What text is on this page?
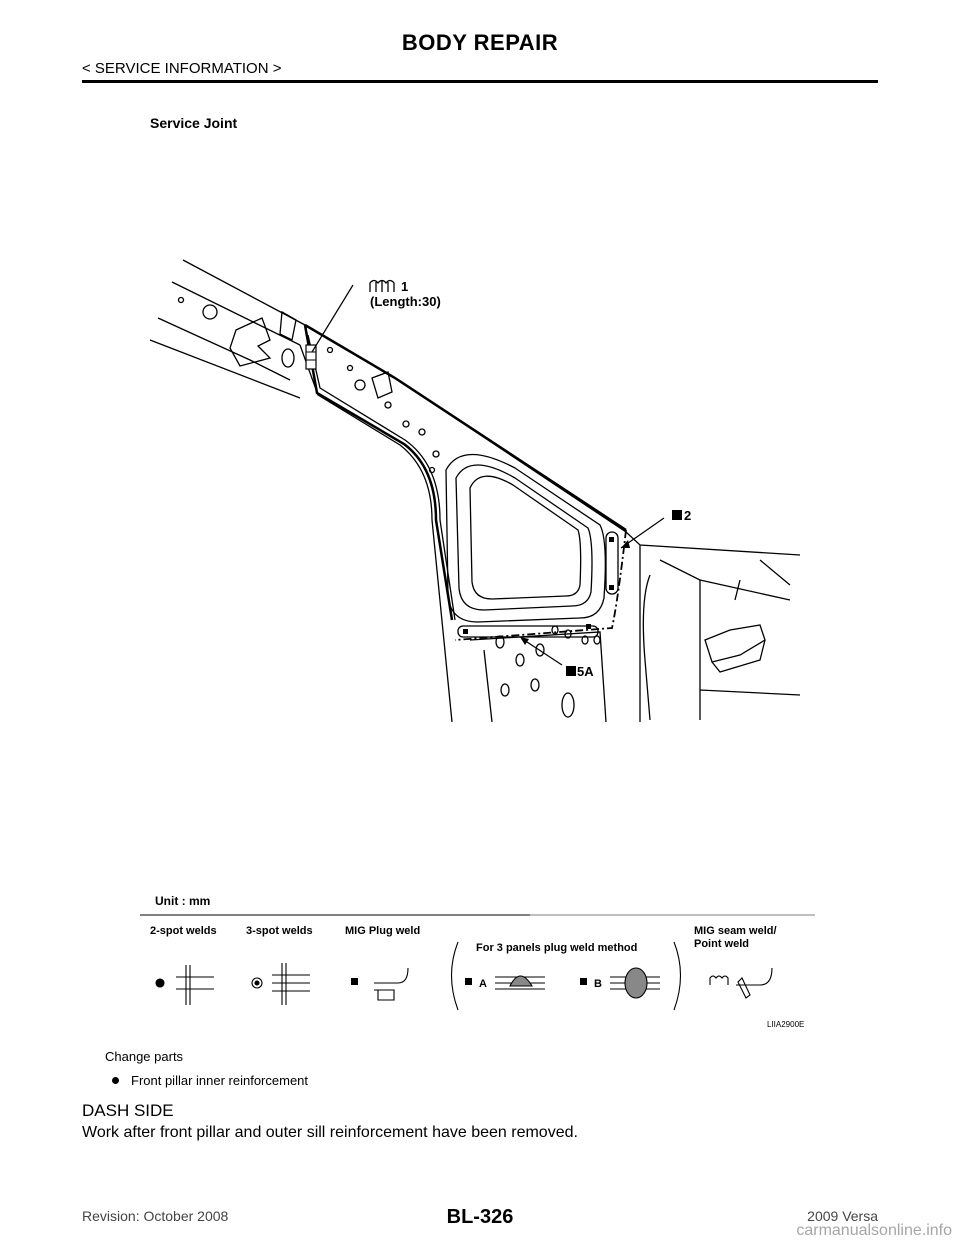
BODY REPAIR
< SERVICE INFORMATION >
Service Joint
1
(Length:30)
2
5A
Unit : mm
2-spot welds	3-spot welds	MIG Plug weld
For 3 panels plug weld method
MIG seam weld/
Point weld
A	B
LIIA2900E
Change parts
Front pillar inner reinforcement
DASH SIDE
Work after front pillar and outer sill reinforcement have been removed.
BL-326
Revision: October 2008	2009 Versa
carmanualsonline.info
